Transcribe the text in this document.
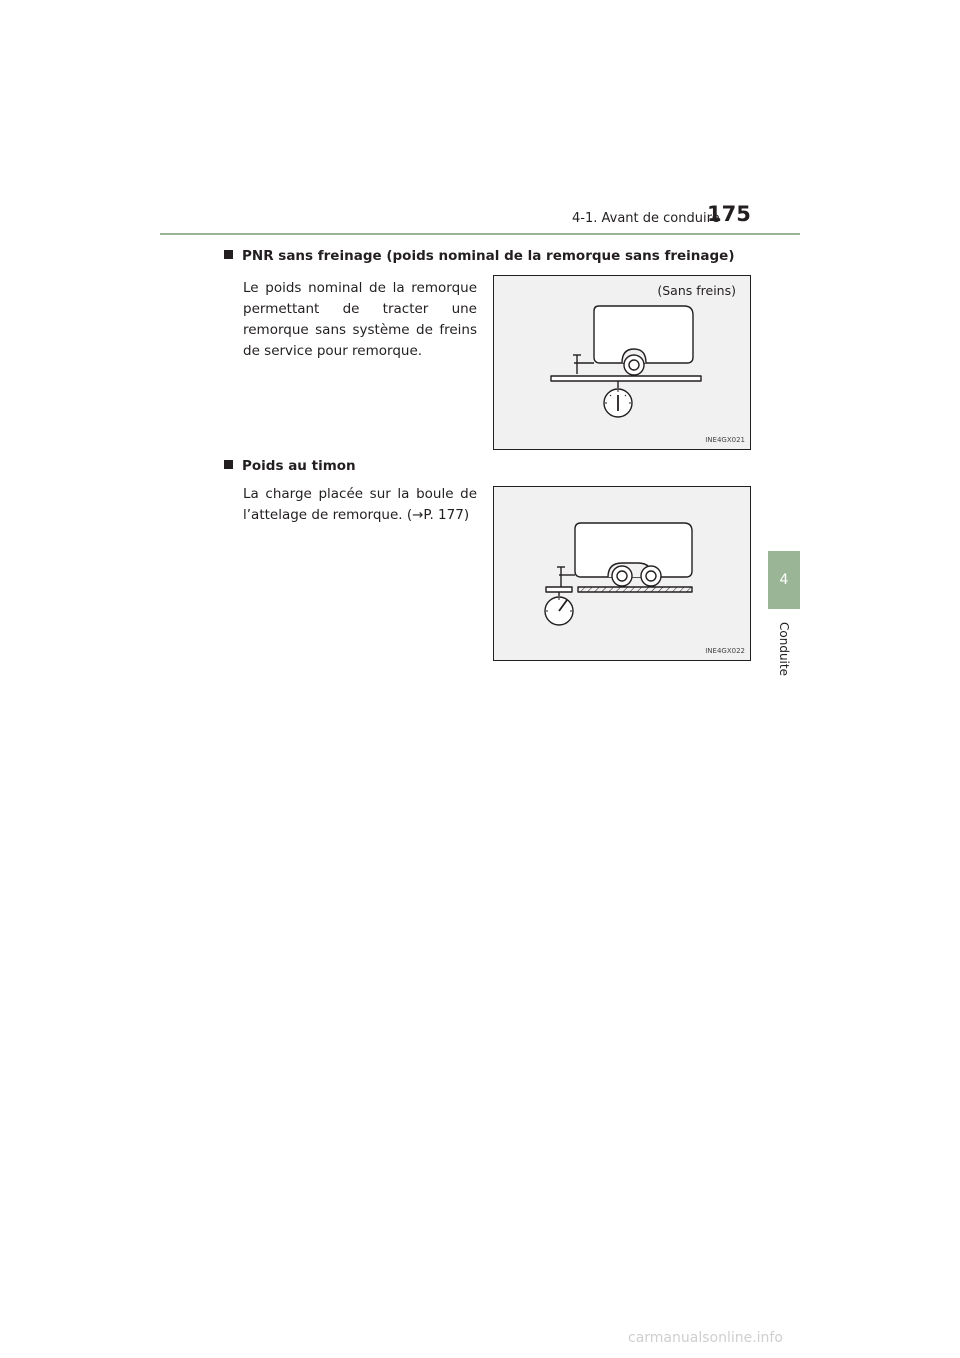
4-1. Avant de conduire
175
4
Conduite
PNR sans freinage (poids nominal de la remorque sans freinage)
Le poids nominal de la remorque permettant de tracter une remorque sans système de freins de service pour remorque.
(Sans freins)
INE4GX021
Poids au timon
La charge placée sur la boule de l’attelage de remorque. (→P. 177)
INE4GX022
carmanualsonline.info
